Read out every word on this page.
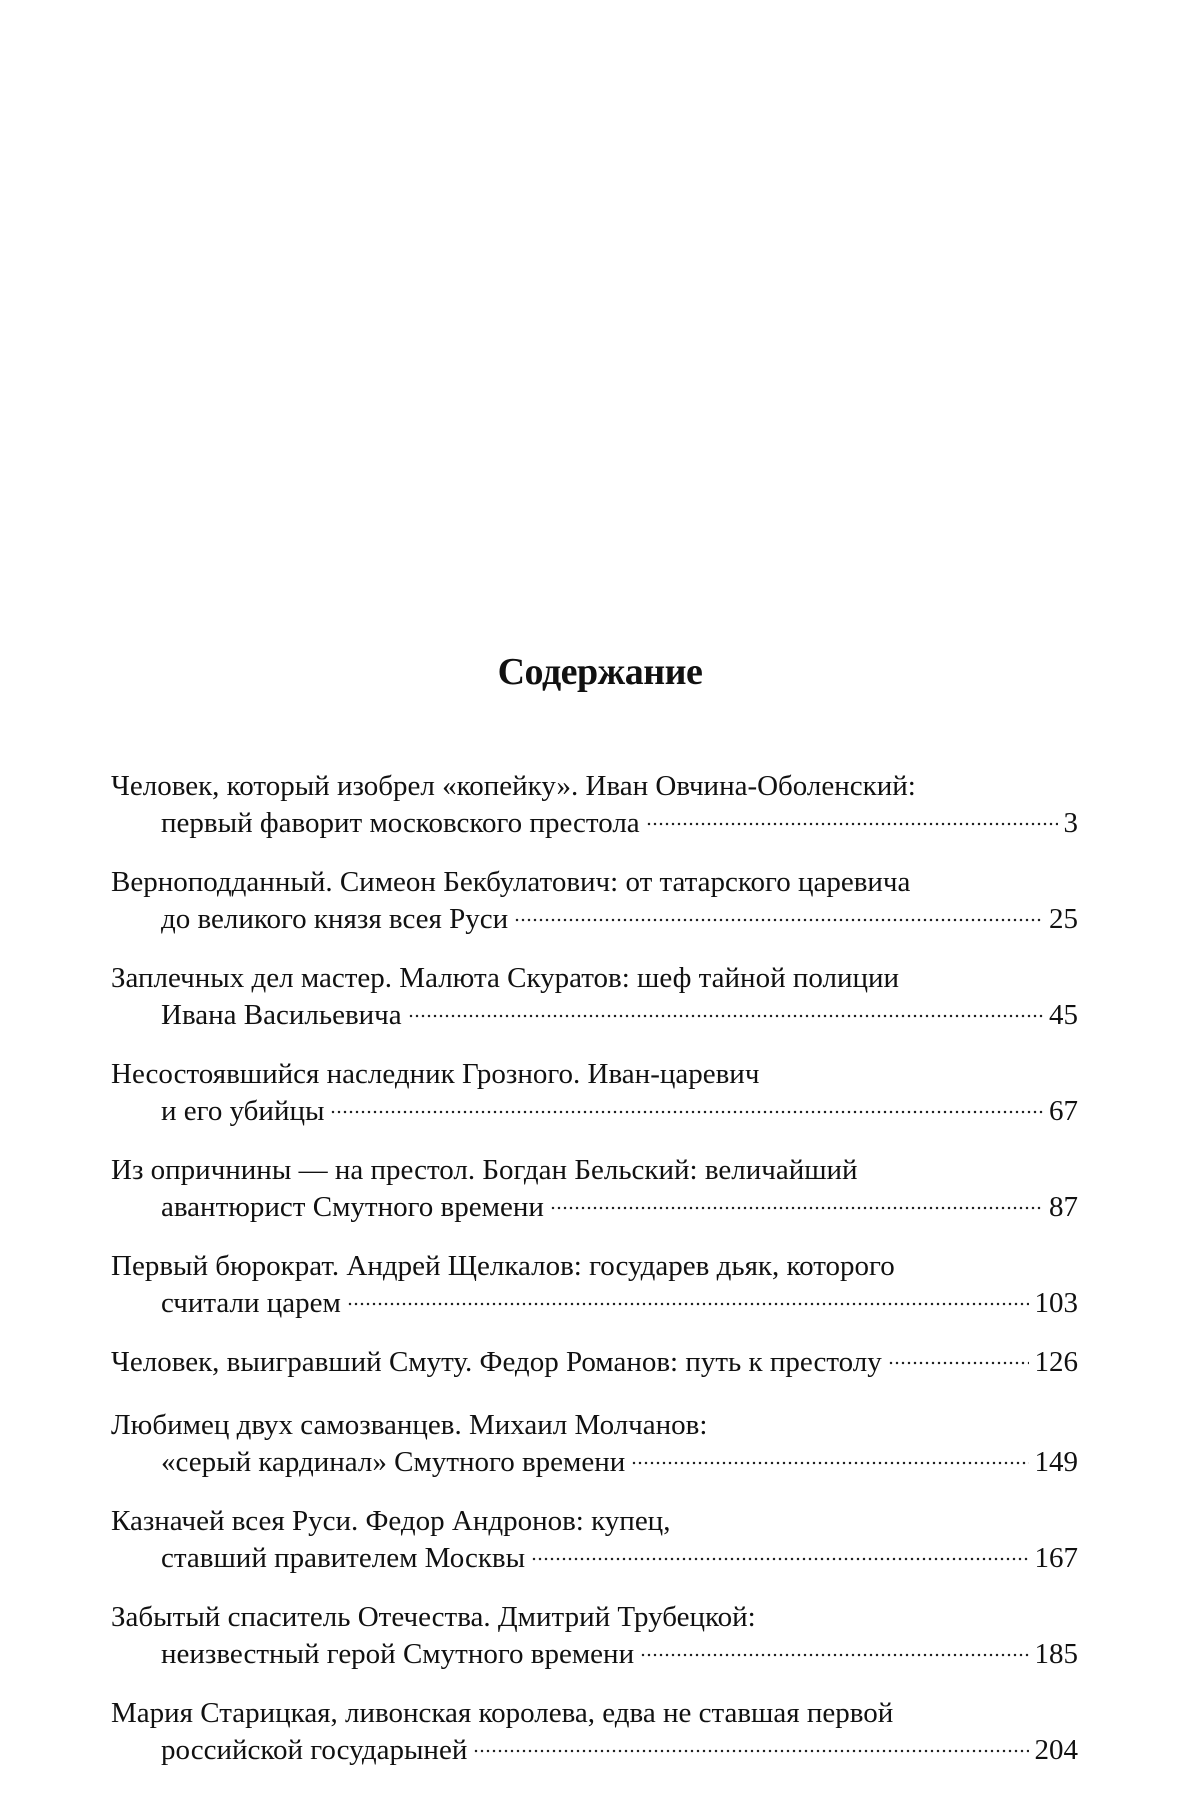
Содержание
Человек, который изобрел «копейку». Иван Овчина-Оболенский:
первый фаворит московского престола	3
Верноподданный. Симеон Бекбулатович: от татарского царевича
до великого князя всея Руси	25
Заплечных дел мастер. Малюта Скуратов: шеф тайной полиции
Ивана Васильевича	45
Несостоявшийся наследник Грозного. Иван-царевич
и его убийцы	67
Из опричнины — на престол. Богдан Бельский: величайший
авантюрист Смутного времени	87
Первый бюрократ. Андрей Щелкалов: государев дьяк, которого
считали царем	103
Человек, выигравший Смуту. Федор Романов: путь к престолу	126
Любимец двух самозванцев. Михаил Молчанов:
«серый кардинал» Смутного времени	149
Казначей всея Руси. Федор Андронов: купец,
ставший правителем Москвы	167
Забытый спаситель Отечества. Дмитрий Трубецкой:
неизвестный герой Смутного времени	185
Мария Старицкая, ливонская королева, едва не ставшая первой
российской государыней	204
